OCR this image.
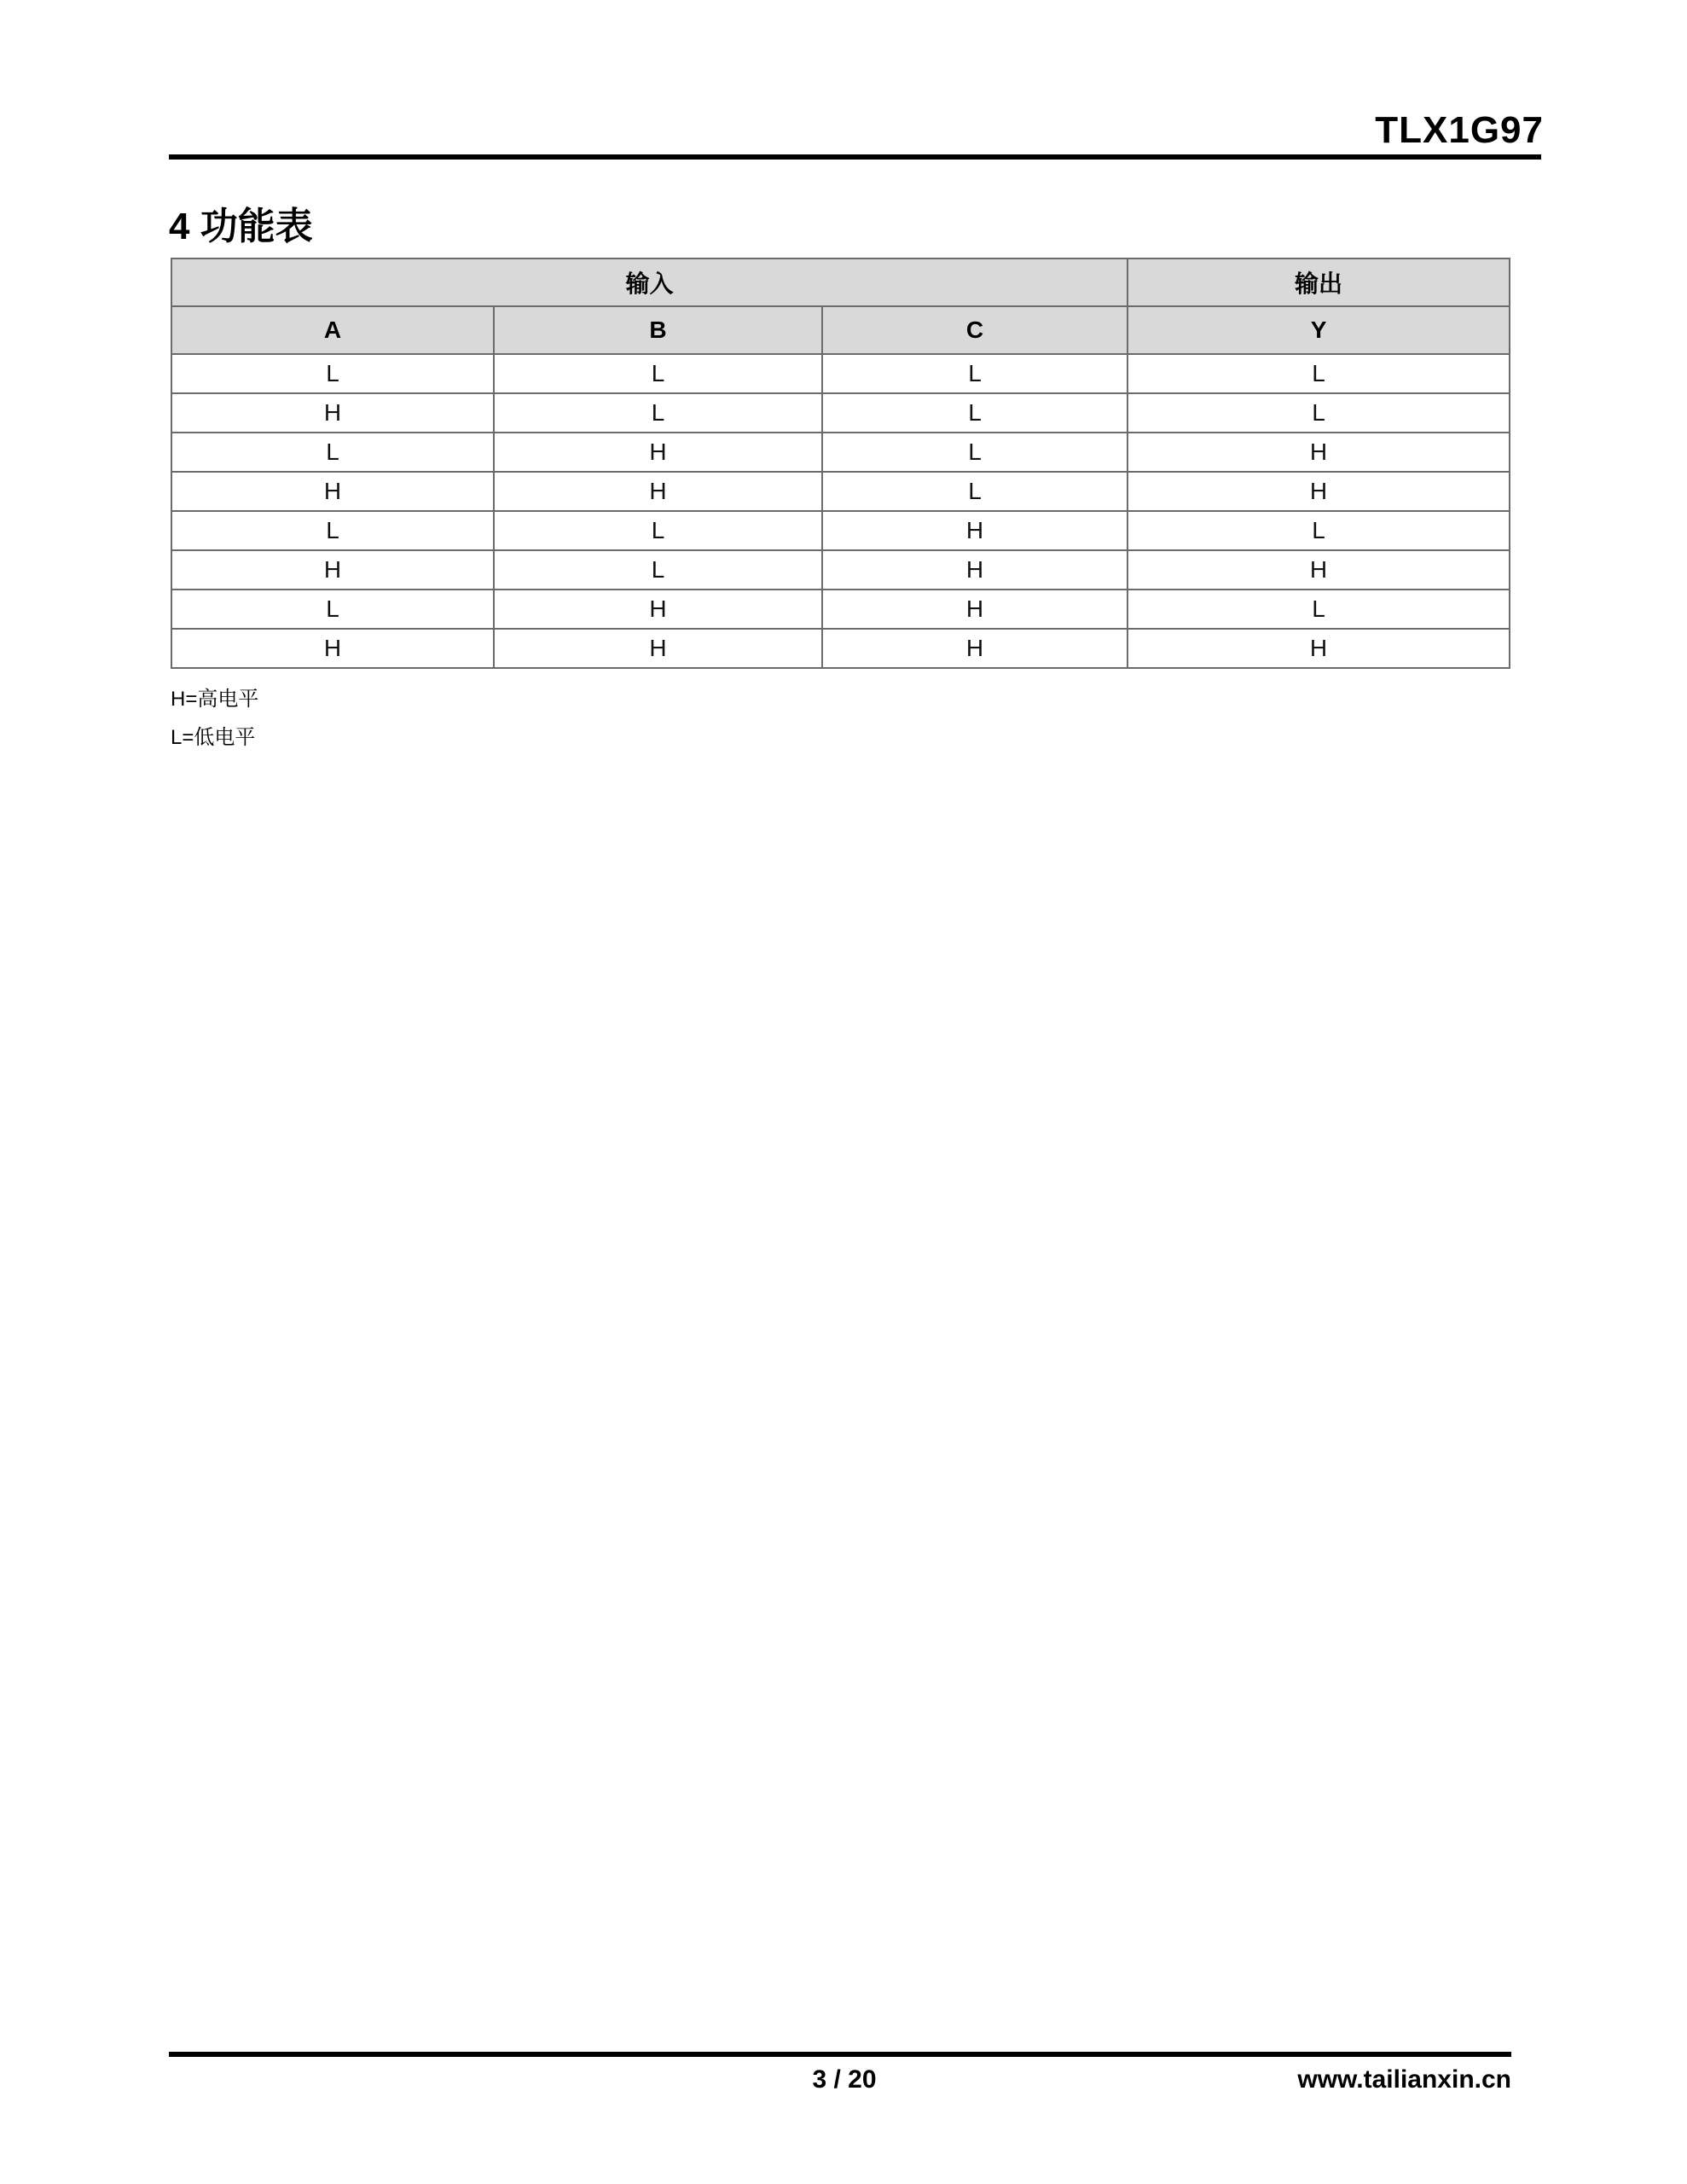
TLX1G97
4 功能表
输入			输出
A	B	C	Y
L	L	L	L
H	L	L	L
L	H	L	H
H	H	L	H
L	L	H	L
H	L	H	H
L	H	H	L
H	H	H	H
H=高电平
L=低电平
3 / 20	www.tailianxin.cn
